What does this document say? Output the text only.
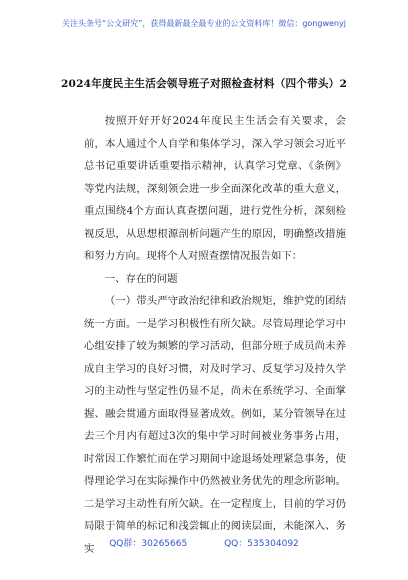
关注头条号“公文研究”，获得最新最全最专业的公文资料库！微信：gongwenyj
2024年度民主生活会领导班子对照检查材料（四个带头）2

按照开好开好2024年度民主生活会有关要求，会前，本人通过个人自学和集体学习，深入学习领会习近平总书记重要讲话重要指示精神，认真学习党章、《条例》等党内法规，深刻领会进一步全面深化改革的重大意义，重点围绕4个方面认真查摆问题，进行党性分析，深刻检视反思，从思想根源剖析问题产生的原因，明确整改措施和努力方向。现将个人对照查摆情况报告如下：

一、存在的问题

（一）带头严守政治纪律和政治规矩，维护党的团结统一方面。一是学习积极性有所欠缺。尽管局理论学习中心组安排了较为频繁的学习活动，但部分班子成员尚未养成自主学习的良好习惯，对及时学习、反复学习及持久学习的主动性与坚定性仍显不足，尚未在系统学习、全面掌握、融会贯通方面取得显著成效。例如，某分管领导在过去三个月内有超过3次的集中学习时间被业务事务占用，时常因工作繁忙而在学习期间中途退场处理紧急事务，使得理论学习在实际操作中仍然被业务优先的理念所影响。二是学习主动性有所欠缺。在一定程度上，目前的学习仍局限于简单的标记和浅尝辄止的阅读层面，未能深入、务实	QQ群：30265665	QQ：535304092
